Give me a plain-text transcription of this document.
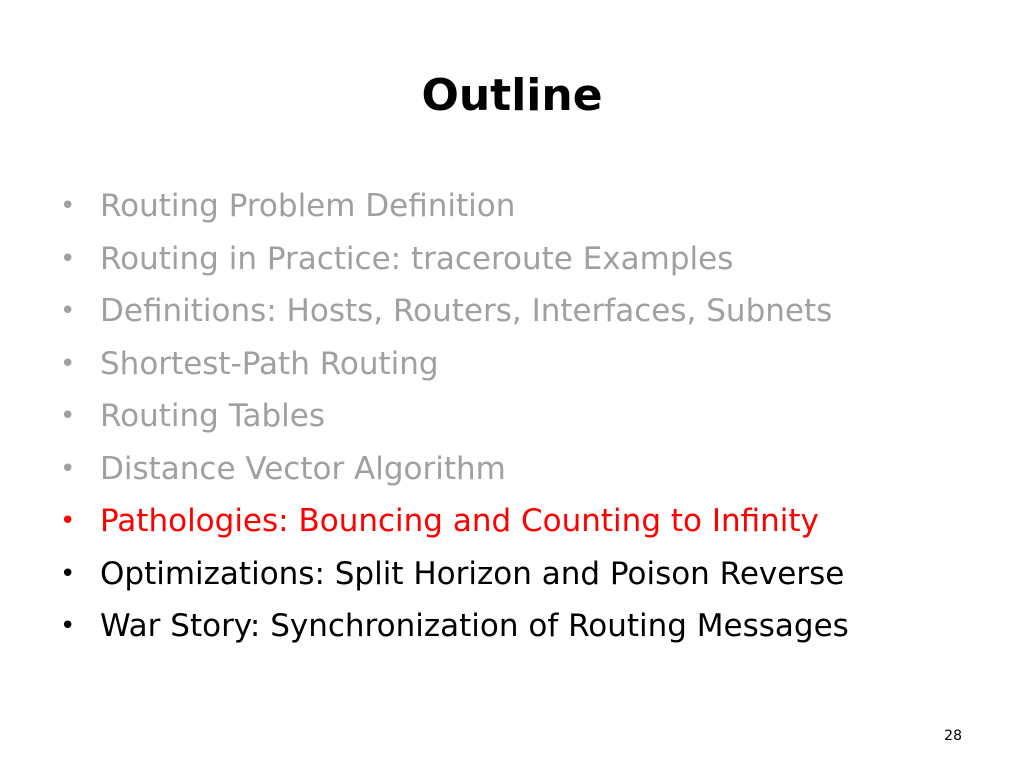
Outline
• Routing Problem Definition
• Routing in Practice: traceroute Examples
• Definitions: Hosts, Routers, Interfaces, Subnets
• Shortest-Path Routing
• Routing Tables
• Distance Vector Algorithm
• Pathologies: Bouncing and Counting to Infinity
• Optimizations: Split Horizon and Poison Reverse
• War Story: Synchronization of Routing Messages
28
